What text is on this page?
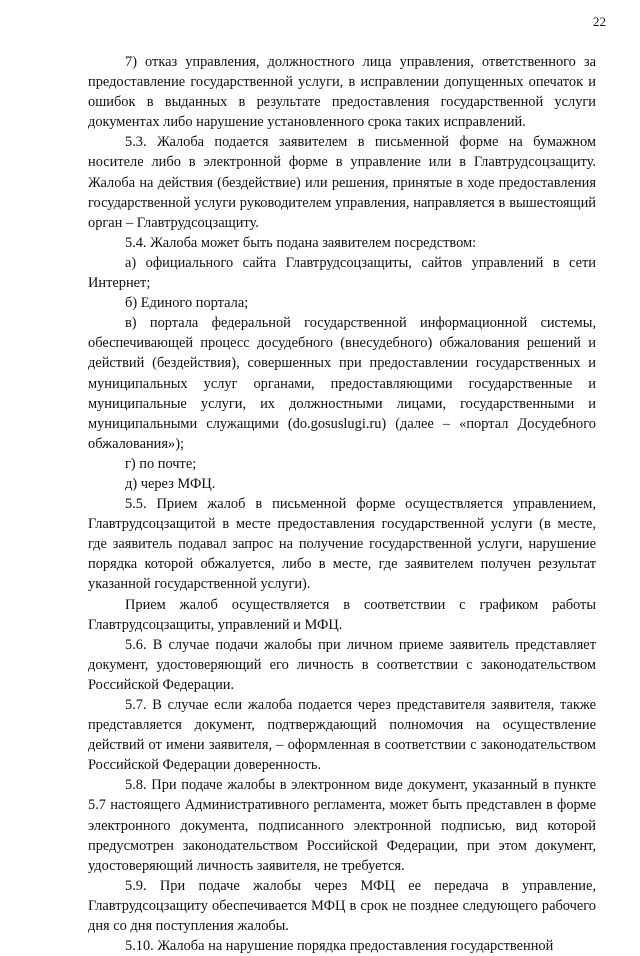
22

7) отказ управления, должностного лица управления, ответственного за предоставление государственной услуги, в исправлении допущенных опечаток и ошибок в выданных в результате предоставления государственной услуги документах либо нарушение установленного срока таких исправлений.

5.3. Жалоба подается заявителем в письменной форме на бумажном носителе либо в электронной форме в управление или в Главтрудсоцзащиту. Жалоба на действия (бездействие) или решения, принятые в ходе предоставления государственной услуги руководителем управления, направляется в вышестоящий орган – Главтрудсоцзащиту.

5.4. Жалоба может быть подана заявителем посредством:

а) официального сайта Главтрудсоцзащиты, сайтов управлений в сети Интернет;

б) Единого портала;

в) портала федеральной государственной информационной системы, обеспечивающей процесс досудебного (внесудебного) обжалования решений и действий (бездействия), совершенных при предоставлении государственных и муниципальных услуг органами, предоставляющими государственные и муниципальные услуги, их должностными лицами, государственными и муниципальными служащими (do.gosuslugi.ru) (далее – «портал Досудебного обжалования»);

г) по почте;

д) через МФЦ.

5.5. Прием жалоб в письменной форме осуществляется управлением, Главтрудсоцзащитой в месте предоставления государственной услуги (в месте, где заявитель подавал запрос на получение государственной услуги, нарушение порядка которой обжалуется, либо в месте, где заявителем получен результат указанной государственной услуги).

Прием жалоб осуществляется в соответствии с графиком работы Главтрудсоцзащиты, управлений и МФЦ.

5.6. В случае подачи жалобы при личном приеме заявитель представляет документ, удостоверяющий его личность в соответствии с законодательством Российской Федерации.

5.7. В случае если жалоба подается через представителя заявителя, также представляется документ, подтверждающий полномочия на осуществление действий от имени заявителя, – оформленная в соответствии с законодательством Российской Федерации доверенность.

5.8. При подаче жалобы в электронном виде документ, указанный в пункте 5.7 настоящего Административного регламента, может быть представлен в форме электронного документа, подписанного электронной подписью, вид которой предусмотрен законодательством Российской Федерации, при этом документ, удостоверяющий личность заявителя, не требуется.

5.9. При подаче жалобы через МФЦ ее передача в управление, Главтрудсоцзащиту обеспечивается МФЦ в срок не позднее следующего рабочего дня со дня поступления жалобы.

5.10. Жалоба на нарушение порядка предоставления государственной
